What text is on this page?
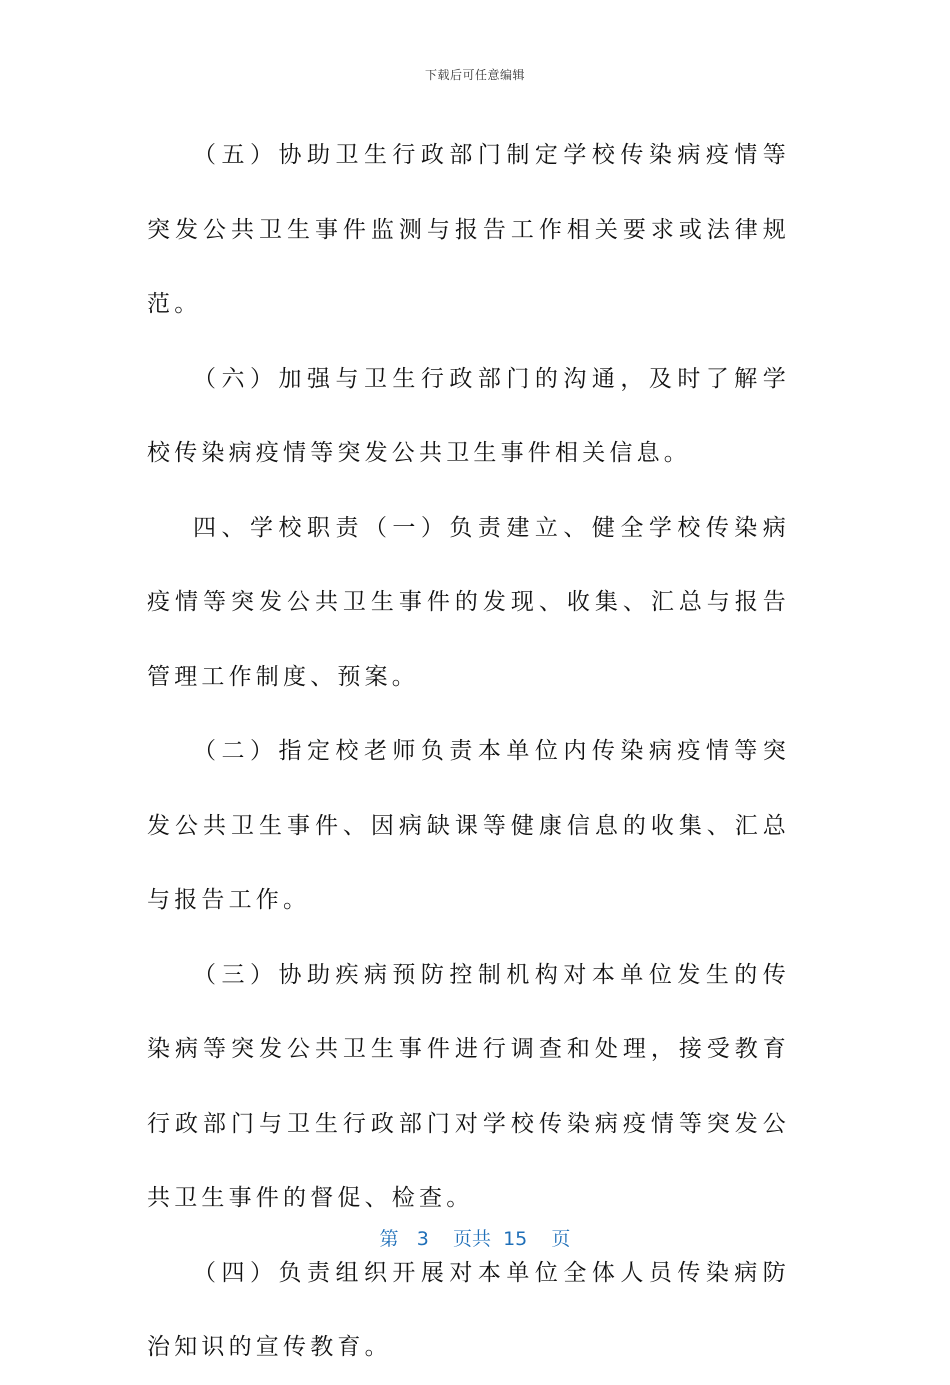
下载后可任意编辑

（五）协助卫生行政部门制定学校传染病疫情等突发公共卫生事件监测与报告工作相关要求或法律规范。

（六）加强与卫生行政部门的沟通，及时了解学校传染病疫情等突发公共卫生事件相关信息。

四、学校职责（一）负责建立、健全学校传染病疫情等突发公共卫生事件的发现、收集、汇总与报告管理工作制度、预案。

（二）指定校老师负责本单位内传染病疫情等突发公共卫生事件、因病缺课等健康信息的收集、汇总与报告工作。

（三）协助疾病预防控制机构对本单位发生的传染病等突发公共卫生事件进行调查和处理，接受教育行政部门与卫生行政部门对学校传染病疫情等突发公共卫生事件的督促、检查。

（四）负责组织开展对本单位全体人员传染病防治知识的宣传教育。

第 3 页共 15 页
